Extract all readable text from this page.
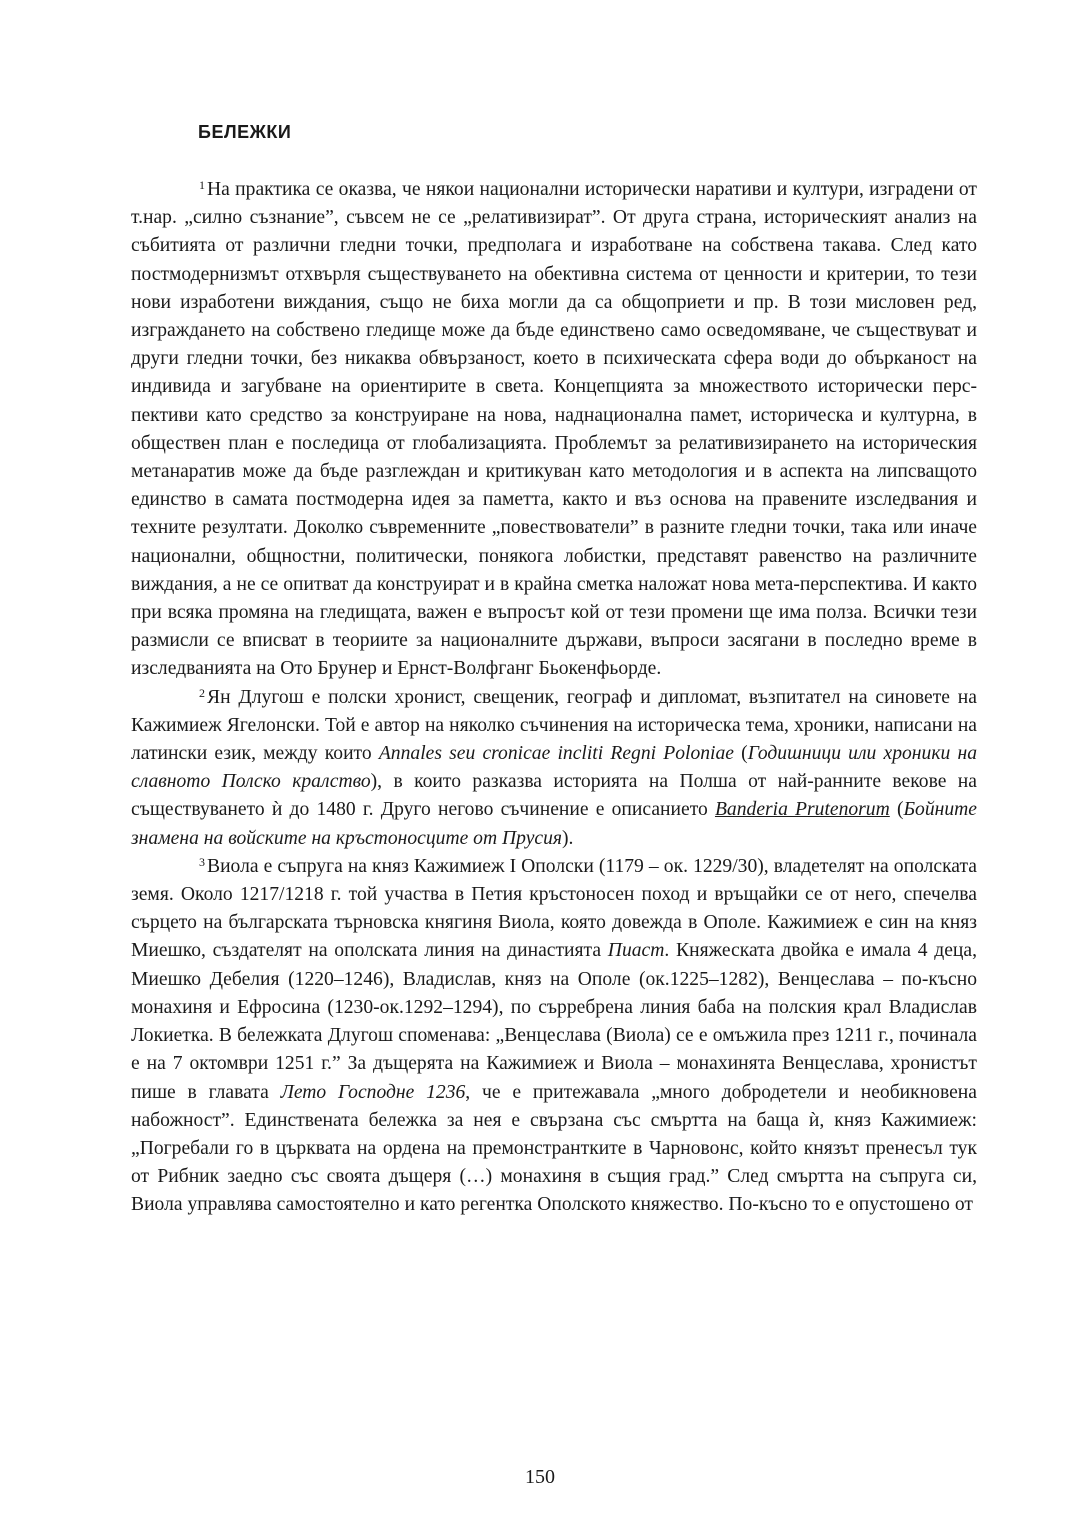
БЕЛЕЖКИ

$^1$ На практика се оказва, че някои национални исторически наративи и култури, изградени от т.нар. „силно съзнание”, съвсем не се „релативизират”. От друга страна, историческият анализ на събитията от различни гледни точки, предполага и изработване на собствена такава. След като постмодернизмът отхвърля съществуването на обективна система от ценности и критерии, то тези нови изработени виждания, също не биха могли да са общоприети и пр. В този мисловен ред, изграждането на собствено гледище може да бъде единствено само осведомяване, че съществуват и други гледни точки, без никаква обвързаност, което в психическата сфера води до объркaност на индивида и загубване на ориентирите в света. Концепцията за множеството исторически перспективи като средство за конструиране на нова, наднационална памет, историческа и културна, в обществен план е последица от глобализацията. Проблемът за релативизирането на историческия метанаратив може да бъде разглеждан и критикуван като методология и в аспекта на липсващото единство в самата постмодерна идея за паметта, както и въз основа на правените изследвания и техните резултати. Доколко съвременните „повествователи” в разните гледни точки, така или иначе национални, общностни, политически, понякога лобистки, представят равенство на различните виждания, а не се опитват да конструират и в крайна сметка наложат нова мета-перспектива. И както при всяка промяна на гледищата, важен е въпросът кой от тези промени ще има полза. Всички тези размисли се вписват в теориите за националните държави, въпроси засягани в последно време в изследванията на Ото Брунер и Ернст-Волфганг Бьокенфьорде.

$^2$ Ян Длугош е полски хронист, свещеник, географ и дипломат, възпитател на синовете на Кажимиеж Ягелонски. Той е автор на няколко съчинения на историческа тема, хроники, написани на латински език, между които Annales seu cronicae incliti Regni Poloniae (Годишници или хроники на славното Полско кралство), в които разказва историята на Полша от най-ранните векове на съществуването ѝ до 1480 г. Друго негово съчинение е описанието Banderia Prutenorum (Бойните знамена на войските на кръстоносците от Прусия).

$^3$ Виола е съпруга на княз Кажимиеж I Ополски (1179 – ок. 1229/30), владетелят на ополската земя. Около 1217/1218 г. той участва в Петия кръстоносен поход и връщайки се от него, спечелва сърцето на българската търновска княгиня Виола, която довежда в Ополе. Кажимиеж е син на княз Миешко, създателят на ополската линия на династията Пиаст. Княжеската двойка е имала 4 деца, Миешко Дебелия (1220–1246), Владислав, княз на Ополе (ок.1225–1282), Венцеслава – по-късно монахиня и Ефросина (1230-ок.1292–1294), по сърребрена линия баба на полския крал Владислав Локиетка. В бележката Длугош споменава: „Венцеслава (Виола) се е омъжила през 1211 г., починала е на 7 октомври 1251 г.” За дъщерята на Кажимиеж и Виола – монахинята Венцеслава, хронистът пише в главата Лето Господне 1236, че е притежавала „много добродетели и необикновена набожност”. Единствената бележка за нея е свързана със смъртта на баща ѝ, княз Кажимиеж: „Погребали го в църквата на ордена на премонстрантките в Чарновонс, който князът пренесъл тук от Рибник заедно със своята дъщеря (…) монахиня в същия град.” След смъртта на съпруга си, Виола управлява самостоятелно и като регентка Ополското княжество. По-късно то е опустошено от

150
